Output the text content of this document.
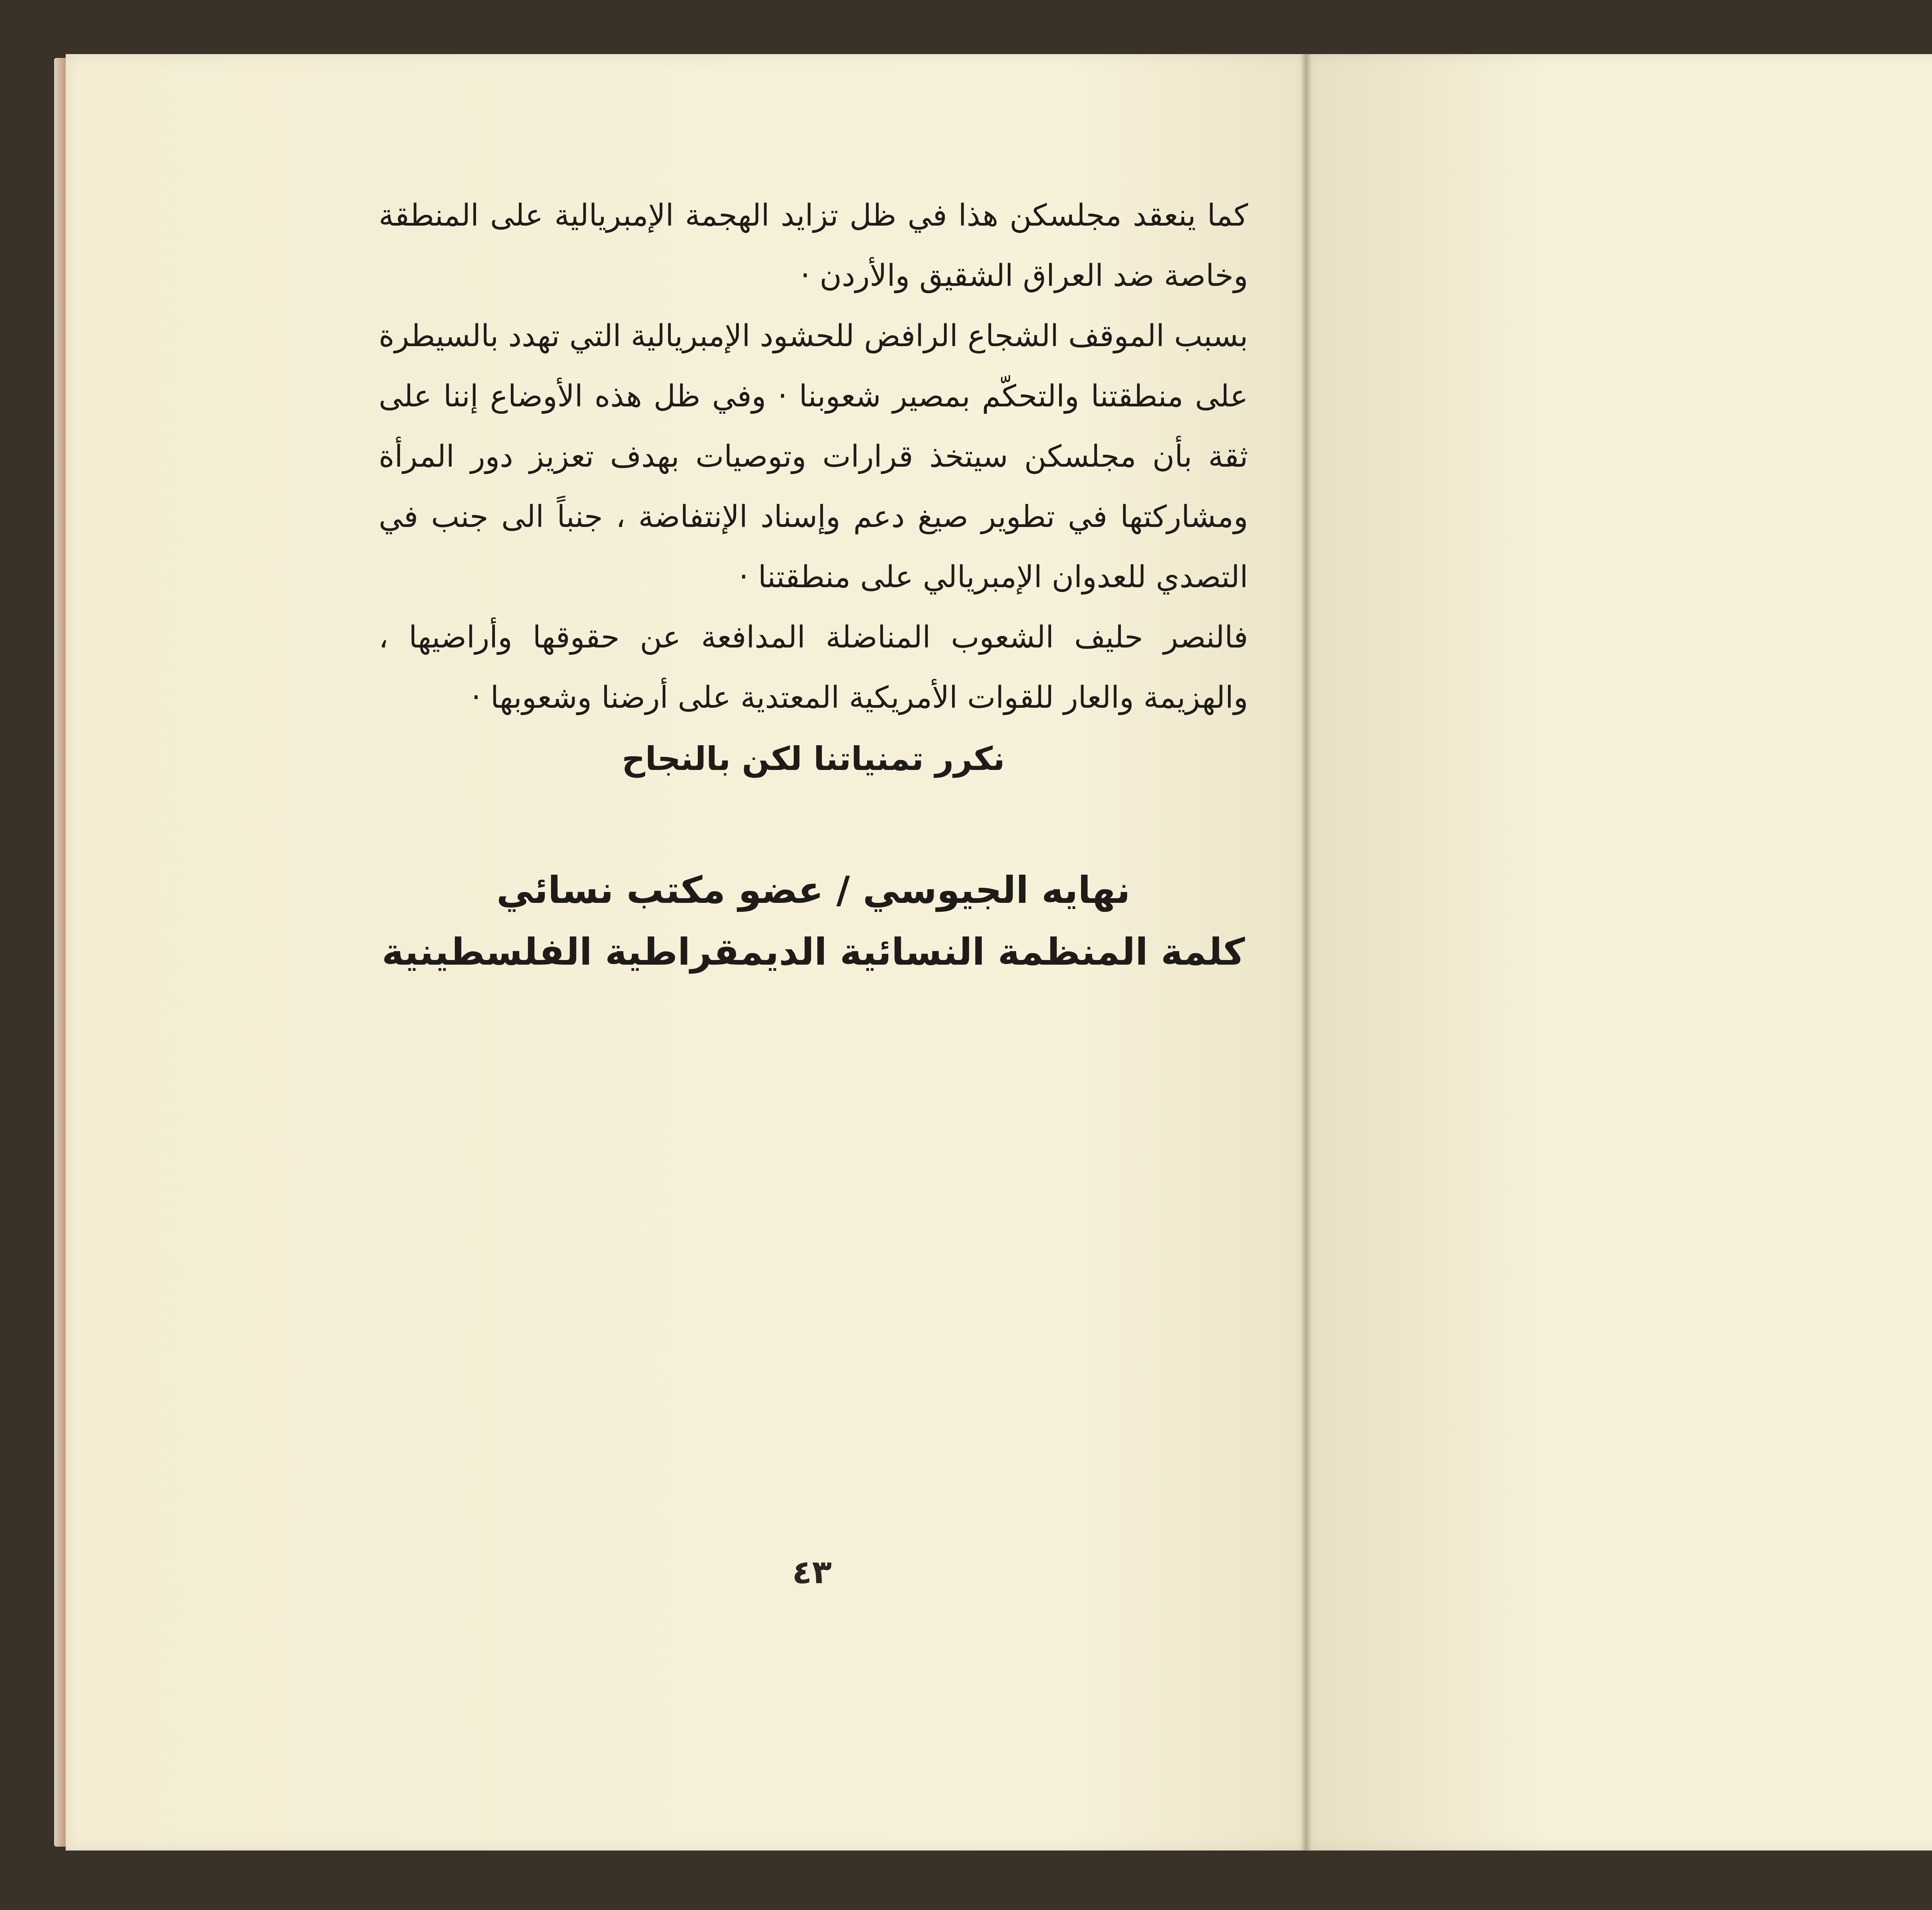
كما ينعقد مجلسكن هذا في ظل تزايد الهجمة الإمبريالية على المنطقة وخاصة ضد العراق الشقيق والأردن ·

بسبب الموقف الشجاع الرافض للحشود الإمبريالية التي تهدد بالسيطرة على منطقتنا والتحكّم بمصير شعوبنا · وفي ظل هذه الأوضاع إننا على ثقة بأن مجلسكن سيتخذ قرارات وتوصيات بهدف تعزيز دور المرأة ومشاركتها في تطوير صيغ دعم وإسناد الإنتفاضة ، جنباً الى جنب في التصدي للعدوان الإمبريالي على منطقتنا ·

فالنصر حليف الشعوب المناضلة المدافعة عن حقوقها وأراضيها ، والهزيمة والعار للقوات الأمريكية المعتدية على أرضنا وشعوبها ·

نكرر تمنياتنا لكن بالنجاح

نهايه الجيوسي / عضو مكتب نسائي

كلمة المنظمة النسائية الديمقراطية الفلسطينية

٤٣
